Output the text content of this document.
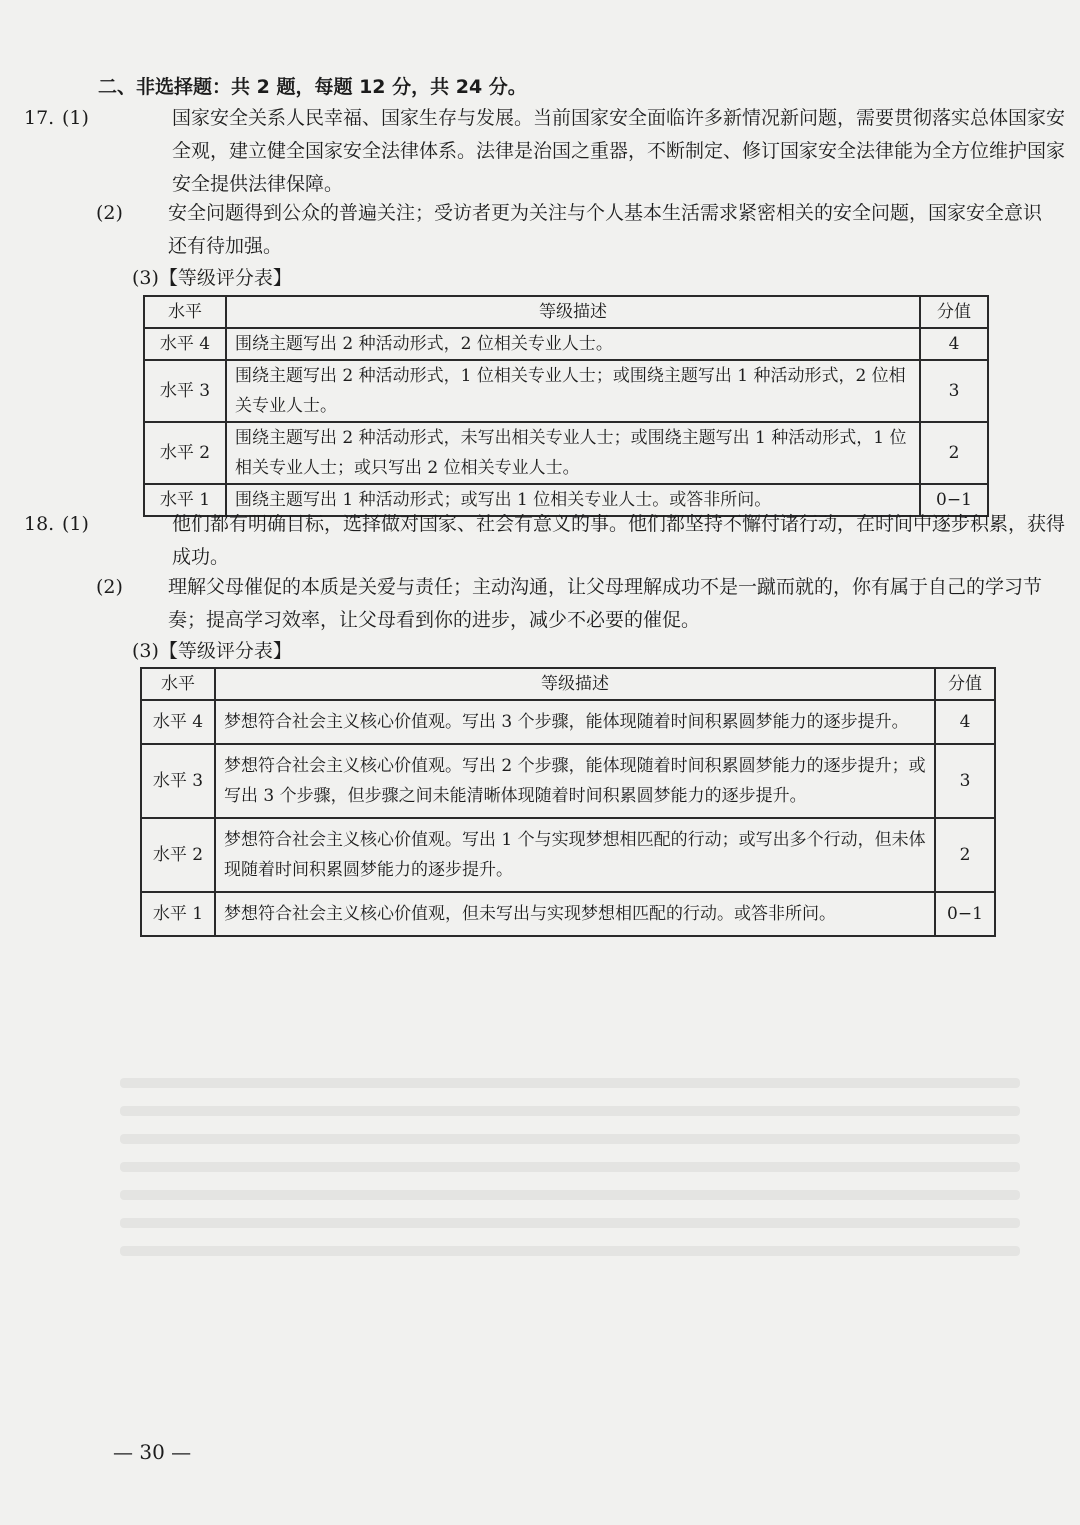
二、非选择题：共 2 题，每题 12 分，共 24 分。

17. (1)	国家安全关系人民幸福、国家生存与发展。当前国家安全面临许多新情况新问题，需要贯彻落实总体国家安全观，建立健全国家安全法律体系。法律是治国之重器，不断制定、修订国家安全法律能为全方位维护国家安全提供法律保障。

(2) 安全问题得到公众的普遍关注；受访者更为关注与个人基本生活需求紧密相关的安全问题，国家安全意识还有待加强。

(3)【等级评分表】

水平	等级描述	分值
水平 4	围绕主题写出 2 种活动形式，2 位相关专业人士。	4
水平 3	围绕主题写出 2 种活动形式，1 位相关专业人士；或围绕主题写出 1 种活动形式，2 位相关专业人士。	3
水平 2	围绕主题写出 2 种活动形式，未写出相关专业人士；或围绕主题写出 1 种活动形式，1 位相关专业人士；或只写出 2 位相关专业人士。	2
水平 1	围绕主题写出 1 种活动形式；或写出 1 位相关专业人士。或答非所问。	0−1

18. (1)	他们都有明确目标，选择做对国家、社会有意义的事。他们都坚持不懈付诸行动，在时间中逐步积累，获得成功。

(2) 理解父母催促的本质是关爱与责任；主动沟通，让父母理解成功不是一蹴而就的，你有属于自己的学习节奏；提高学习效率，让父母看到你的进步，减少不必要的催促。

(3)【等级评分表】

水平	等级描述	分值
水平 4	梦想符合社会主义核心价值观。写出 3 个步骤，能体现随着时间积累圆梦能力的逐步提升。	4
水平 3	梦想符合社会主义核心价值观。写出 2 个步骤，能体现随着时间积累圆梦能力的逐步提升；或写出 3 个步骤，但步骤之间未能清晰体现随着时间积累圆梦能力的逐步提升。	3
水平 2	梦想符合社会主义核心价值观。写出 1 个与实现梦想相匹配的行动；或写出多个行动，但未体现随着时间积累圆梦能力的逐步提升。	2
水平 1	梦想符合社会主义核心价值观，但未写出与实现梦想相匹配的行动。或答非所问。	0−1
— 30 —
